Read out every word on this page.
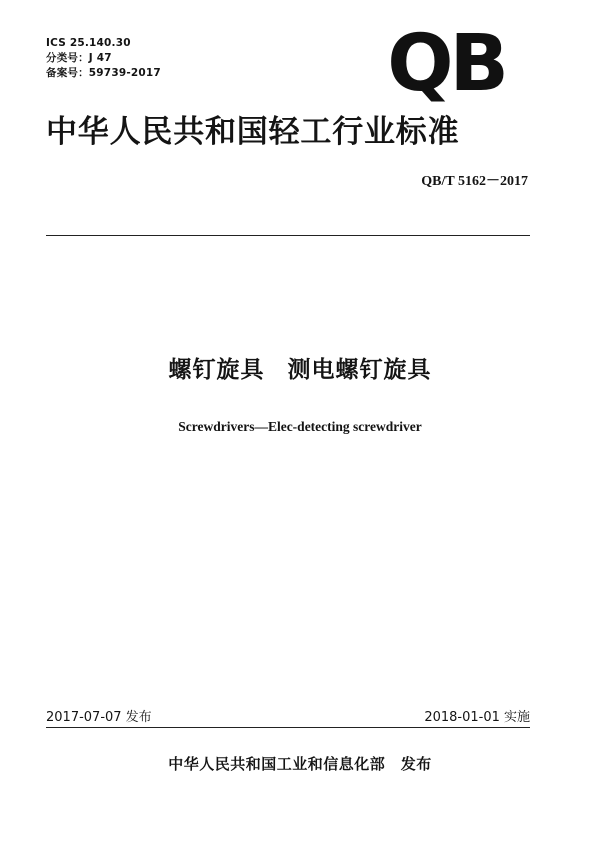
ICS 25.140.30
分类号：J 47
备案号：59739-2017	QB
中华人民共和国轻工行业标准
QB/T 5162－2017
螺钉旋具 测电螺钉旋具
Screwdrivers—Elec-detecting screwdriver
2017-07-07 发布	2018-01-01 实施
中华人民共和国工业和信息化部　发布
